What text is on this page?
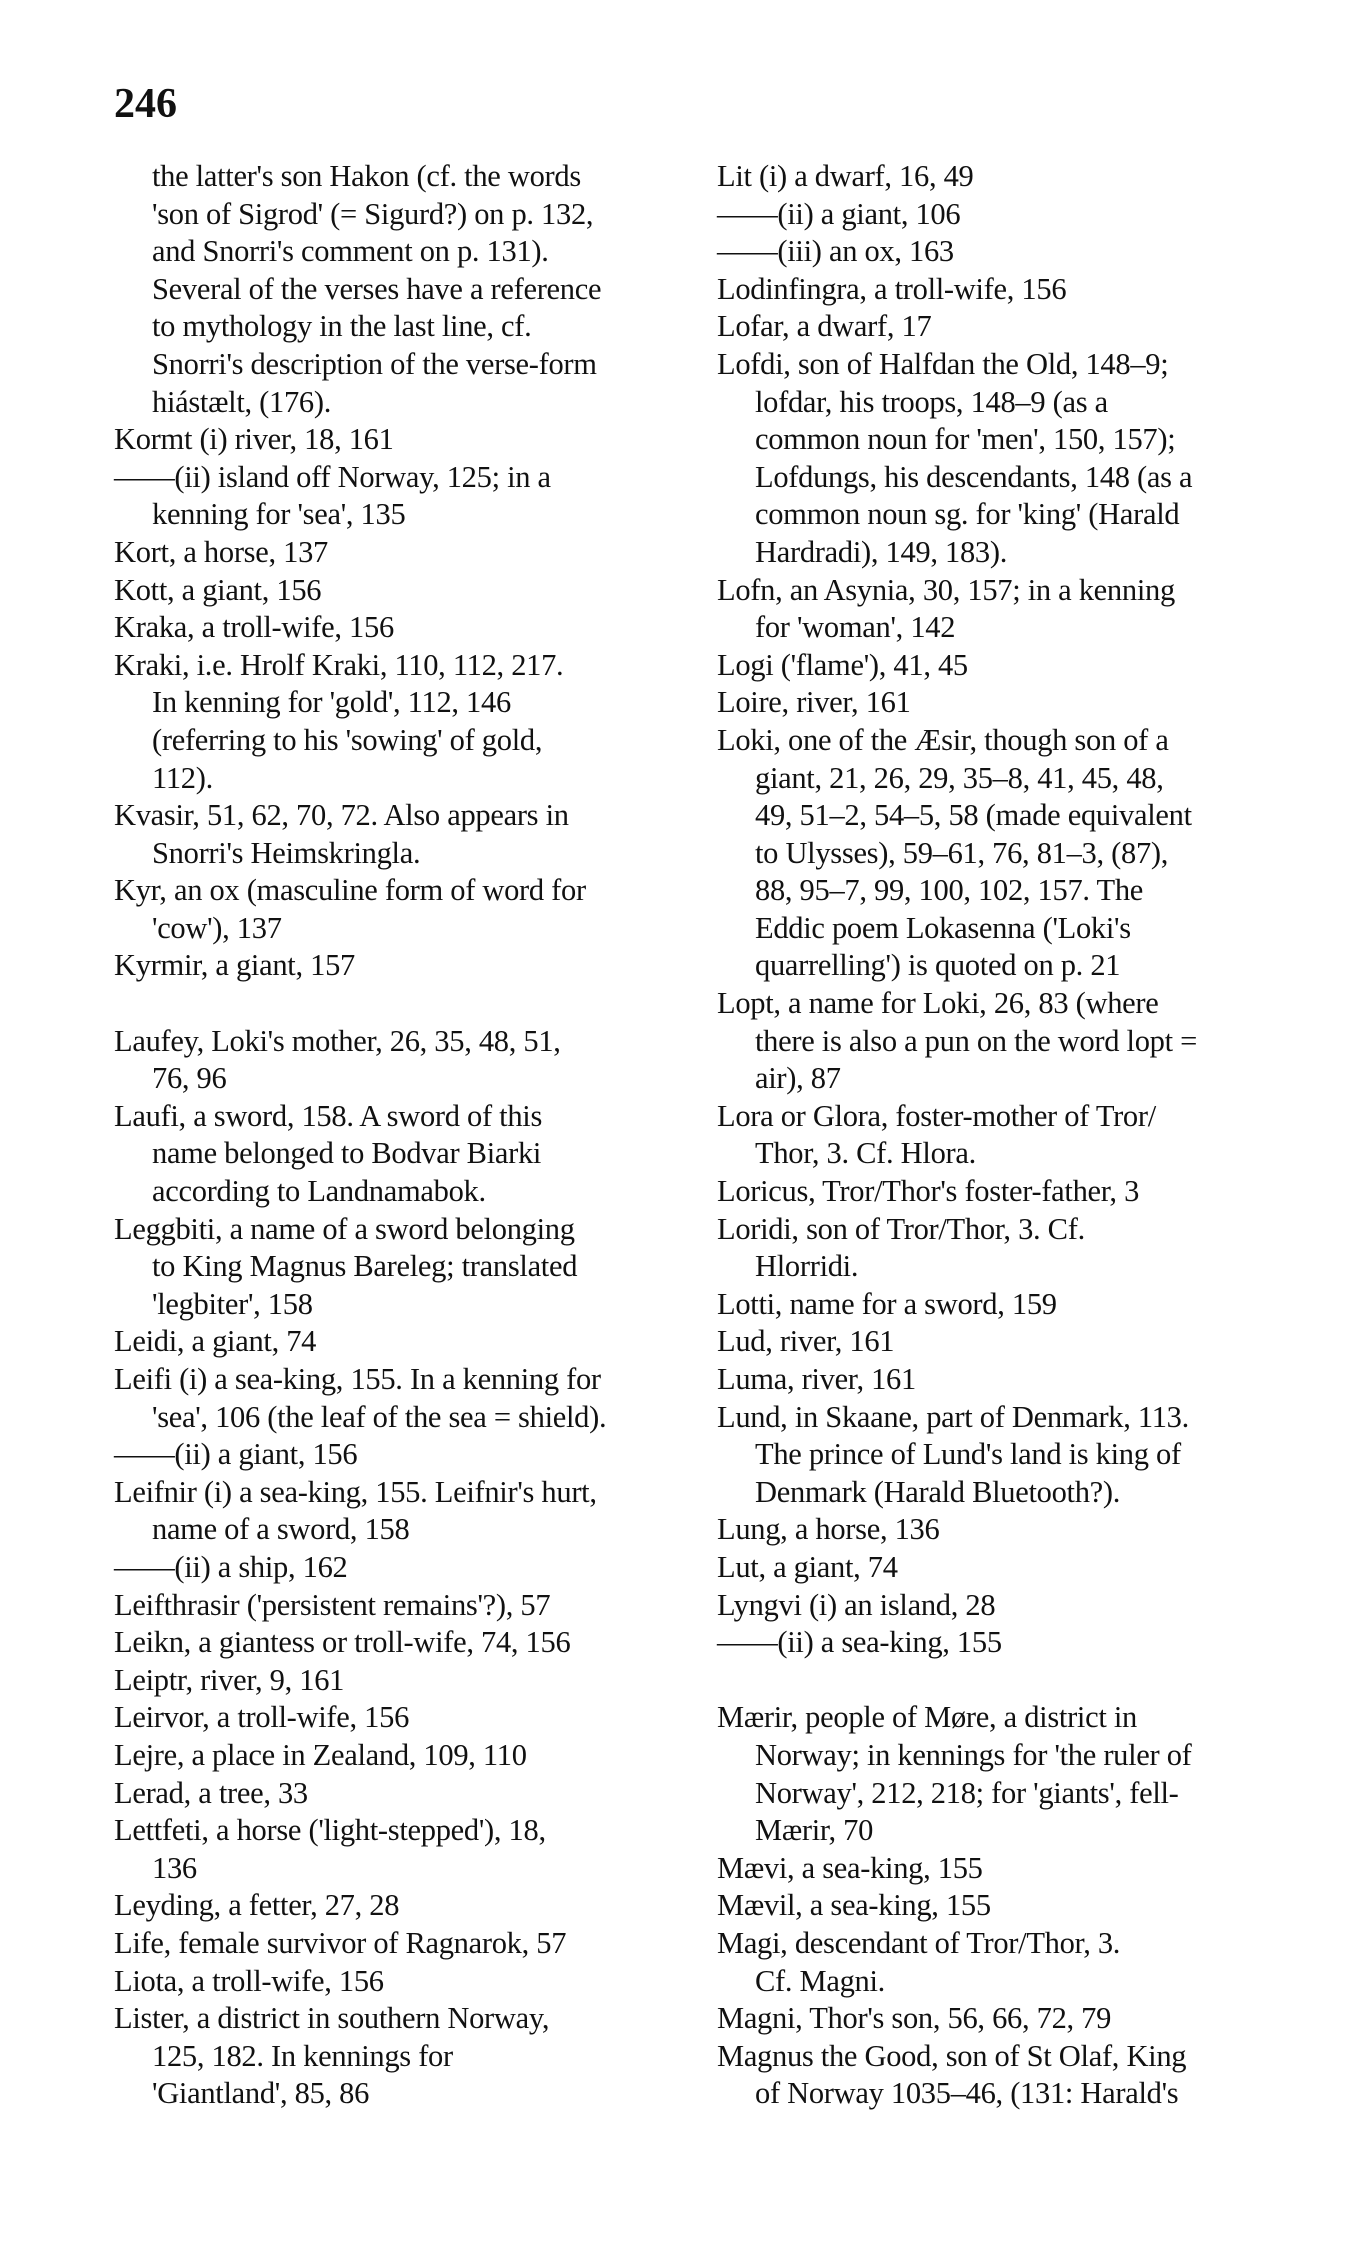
246
the latter's son Hakon (cf. the words
'son of Sigrod' (= Sigurd?) on p. 132,
and Snorri's comment on p. 131).
Several of the verses have a reference
to mythology in the last line, cf.
Snorri's description of the verse-form
hiástælt, (176).
Kormt (i) river, 18, 161
——(ii) island off Norway, 125; in a
kenning for 'sea', 135
Kort, a horse, 137
Kott, a giant, 156
Kraka, a troll-wife, 156
Kraki, i.e. Hrolf Kraki, 110, 112, 217.
In kenning for 'gold', 112, 146
(referring to his 'sowing' of gold,
112).
Kvasir, 51, 62, 70, 72. Also appears in
Snorri's Heimskringla.
Kyr, an ox (masculine form of word for
'cow'), 137
Kyrmir, a giant, 157
Laufey, Loki's mother, 26, 35, 48, 51,
76, 96
Laufi, a sword, 158. A sword of this
name belonged to Bodvar Biarki
according to Landnamabok.
Leggbiti, a name of a sword belonging
to King Magnus Bareleg; translated
'legbiter', 158
Leidi, a giant, 74
Leifi (i) a sea-king, 155. In a kenning for
'sea', 106 (the leaf of the sea = shield).
——(ii) a giant, 156
Leifnir (i) a sea-king, 155. Leifnir's hurt,
name of a sword, 158
——(ii) a ship, 162
Leifthrasir ('persistent remains'?), 57
Leikn, a giantess or troll-wife, 74, 156
Leiptr, river, 9, 161
Leirvor, a troll-wife, 156
Lejre, a place in Zealand, 109, 110
Lerad, a tree, 33
Lettfeti, a horse ('light-stepped'), 18,
136
Leyding, a fetter, 27, 28
Life, female survivor of Ragnarok, 57
Liota, a troll-wife, 156
Lister, a district in southern Norway,
125, 182. In kennings for
'Giantland', 85, 86
Lit (i) a dwarf, 16, 49
——(ii) a giant, 106
——(iii) an ox, 163
Lodinfingra, a troll-wife, 156
Lofar, a dwarf, 17
Lofdi, son of Halfdan the Old, 148–9;
lofdar, his troops, 148–9 (as a
common noun for 'men', 150, 157);
Lofdungs, his descendants, 148 (as a
common noun sg. for 'king' (Harald
Hardradi), 149, 183).
Lofn, an Asynia, 30, 157; in a kenning
for 'woman', 142
Logi ('flame'), 41, 45
Loire, river, 161
Loki, one of the Æsir, though son of a
giant, 21, 26, 29, 35–8, 41, 45, 48,
49, 51–2, 54–5, 58 (made equivalent
to Ulysses), 59–61, 76, 81–3, (87),
88, 95–7, 99, 100, 102, 157. The
Eddic poem Lokasenna ('Loki's
quarrelling') is quoted on p. 21
Lopt, a name for Loki, 26, 83 (where
there is also a pun on the word lopt =
air), 87
Lora or Glora, foster-mother of Tror/
Thor, 3. Cf. Hlora.
Loricus, Tror/Thor's foster-father, 3
Loridi, son of Tror/Thor, 3. Cf.
Hlorridi.
Lotti, name for a sword, 159
Lud, river, 161
Luma, river, 161
Lund, in Skaane, part of Denmark, 113.
The prince of Lund's land is king of
Denmark (Harald Bluetooth?).
Lung, a horse, 136
Lut, a giant, 74
Lyngvi (i) an island, 28
——(ii) a sea-king, 155
Mærir, people of Møre, a district in
Norway; in kennings for 'the ruler of
Norway', 212, 218; for 'giants', fell-
Mærir, 70
Mævi, a sea-king, 155
Mævil, a sea-king, 155
Magi, descendant of Tror/Thor, 3.
Cf. Magni.
Magni, Thor's son, 56, 66, 72, 79
Magnus the Good, son of St Olaf, King
of Norway 1035–46, (131: Harald's
